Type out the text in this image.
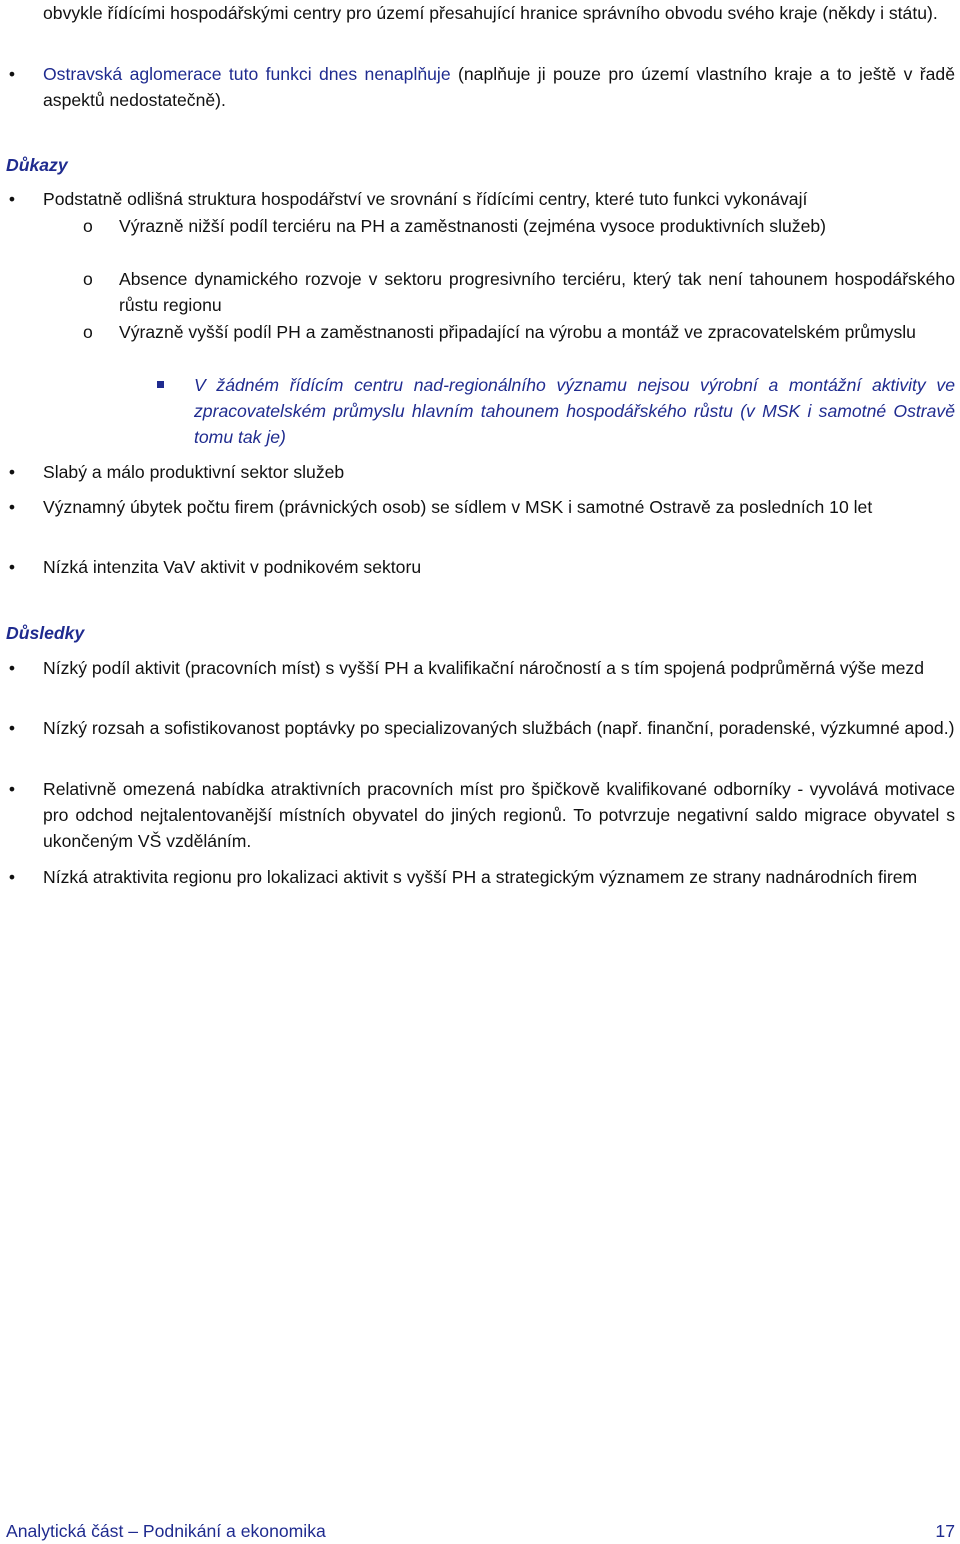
obvykle řídícími hospodářskými centry pro území přesahující hranice správního obvodu svého kraje (někdy i státu).
• Ostravská aglomerace tuto funkci dnes nenaplňuje (naplňuje ji pouze pro území vlastního kraje a to ještě v řadě aspektů nedostatečně).
Důkazy
• Podstatně odlišná struktura hospodářství ve srovnání s řídícími centry, které tuto funkci vykonávají
o Výrazně nižší podíl terciéru na PH a zaměstnanosti (zejména vysoce produktivních služeb)
o Absence dynamického rozvoje v sektoru progresivního terciéru, který tak není tahounem hospodářského růstu regionu
o Výrazně vyšší podíl PH a zaměstnanosti připadající na výrobu a montáž ve zpracovatelském průmyslu
V žádném řídícím centru nad-regionálního významu nejsou výrobní a montážní aktivity ve zpracovatelském průmyslu hlavním tahounem hospodářského růstu (v MSK i samotné Ostravě tomu tak je)
• Slabý a málo produktivní sektor služeb
• Významný úbytek počtu firem (právnických osob) se sídlem v MSK i samotné Ostravě za posledních 10 let
• Nízká intenzita VaV aktivit v podnikovém sektoru
Důsledky
• Nízký podíl aktivit (pracovních míst) s vyšší PH a kvalifikační náročností a s tím spojená podprůměrná výše mezd
• Nízký rozsah a sofistikovanost poptávky po specializovaných službách (např. finanční, poradenské, výzkumné apod.)
• Relativně omezená nabídka atraktivních pracovních míst pro špičkově kvalifikované odborníky - vyvolává motivace pro odchod nejtalentovanější místních obyvatel do jiných regionů. To potvrzuje negativní saldo migrace obyvatel s ukončeným VŠ vzděláním.
• Nízká atraktivita regionu pro lokalizaci aktivit s vyšší PH a strategickým významem ze strany nadnárodních firem
Analytická část – Podnikání a ekonomika	17
